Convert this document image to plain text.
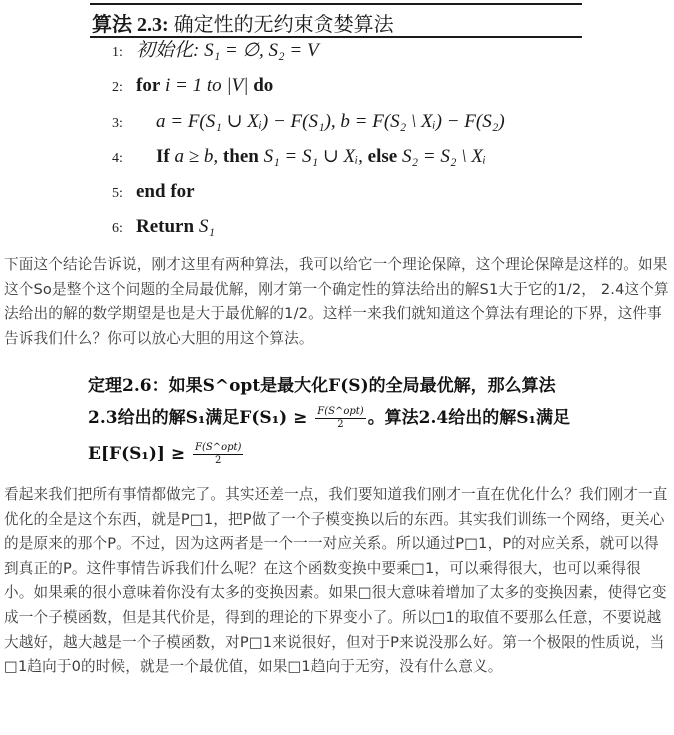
算法 2.3: 确定性的无约束贪婪算法
1: 初始化: S₁ = ∅, S₂ = V
2: for i = 1 to |V| do
3: a = F(S₁ ∪ Xᵢ) − F(S₁), b = F(S₂ \ Xᵢ) − F(S₂)
4: If a ≥ b, then S₁ = S₁ ∪ Xᵢ, else S₂ = S₂ \ Xᵢ
5: end for
6: Return S₁

下面这个结论告诉说，刚才这里有两种算法，我可以给它一个理论保障，这个理论保障是这样的。如果这个So是整个这个问题的全局最优解，刚才第一个确定性的算法给出的解S1大于它的1/2， 2.4这个算法给出的解的数学期望是也是大于最优解的1/2。这样一来我们就知道这个算法有理论的下界，这件事告诉我们什么？你可以放心大胆的用这个算法。

定理2.6：如果S^opt是最大化F(S)的全局最优解，那么算法
2.3给出的解S₁满足$F(S_1) \ge \frac{\text{F(S\textasciicircum{}opt)}}{2}$ 。算法2.4给出的解S₁满足
$E[F(S_1)] \ge \frac{\text{F(S\textasciicircum{}opt)}}{2}$

看起来我们把所有事情都做完了。其实还差一点，我们要知道我们刚才一直在优化什么？我们刚才一直优化的全是这个东西，就是P□1，把P做了一个子模变换以后的东西。其实我们训练一个网络，更关心的是原来的那个P。不过，因为这两者是一个一一对应关系。所以通过P□1，P的对应关系，就可以得到真正的P。这件事情告诉我们什么呢？在这个函数变换中要乘□1，可以乘得很大，也可以乘得很小。如果乘的很小意味着你没有太多的变换因素。如果□很大意味着增加了太多的变换因素，使得它变成一个子模函数，但是其代价是，得到的理论的下界变小了。所以□1的取值不要那么任意，不要说越大越好，越大越是一个子模函数，对P□1来说很好，但对于P来说没那么好。第一个极限的性质说，当□1趋向于0的时候，就是一个最优值，如果□1趋向于无穷，没有什么意义。
